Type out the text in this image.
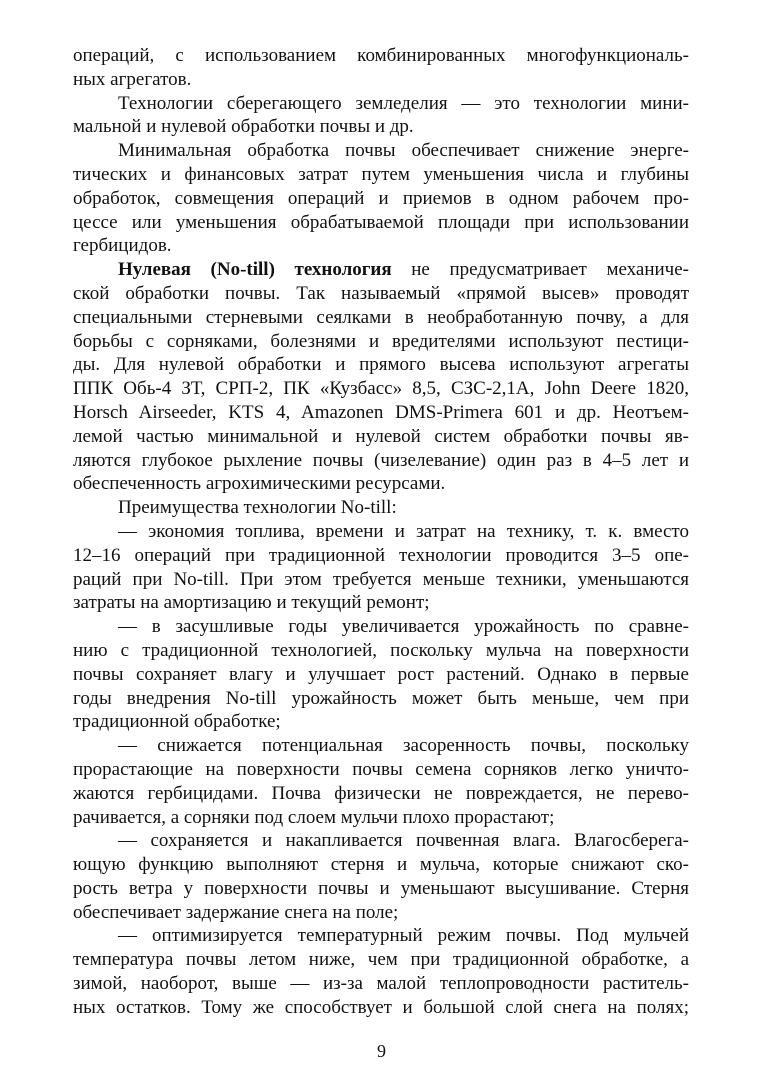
операций, с использованием комбинированных многофункциональ-
ных агрегатов.
Технологии сберегающего земледелия — это технологии мини-
мальной и нулевой обработки почвы и др.
Минимальная обработка почвы обеспечивает снижение энерге-
тических и финансовых затрат путем уменьшения числа и глубины
обработок, совмещения операций и приемов в одном рабочем про-
цессе или уменьшения обрабатываемой площади при использовании
гербицидов.
Нулевая (No-till) технология не предусматривает механиче-
ской обработки почвы. Так называемый «прямой высев» проводят
специальными стерневыми сеялками в необработанную почву, а для
борьбы с сорняками, болезнями и вредителями используют пестици-
ды. Для нулевой обработки и прямого высева используют агрегаты
ППК Обь-4 ЗТ, СРП-2, ПК «Кузбасс» 8,5, СЗС-2,1А, John Deere 1820,
Horsch Airseeder, KTS 4, Amazonen DMS-Primera 601 и др. Неотъем-
лемой частью минимальной и нулевой систем обработки почвы яв-
ляются глубокое рыхление почвы (чизелевание) один раз в 4–5 лет и
обеспеченность агрохимическими ресурсами.
Преимущества технологии No-till:
— экономия топлива, времени и затрат на технику, т. к. вместо
12–16 операций при традиционной технологии проводится 3–5 опе-
раций при No-till. При этом требуется меньше техники, уменьшаются
затраты на амортизацию и текущий ремонт;
— в засушливые годы увеличивается урожайность по сравне-
нию с традиционной технологией, поскольку мульча на поверхности
почвы сохраняет влагу и улучшает рост растений. Однако в первые
годы внедрения No-till урожайность может быть меньше, чем при
традиционной обработке;
— снижается потенциальная засоренность почвы, поскольку
прорастающие на поверхности почвы семена сорняков легко уничто-
жаются гербицидами. Почва физически не повреждается, не перево-
рачивается, а сорняки под слоем мульчи плохо прорастают;
— сохраняется и накапливается почвенная влага. Влагосберега-
ющую функцию выполняют стерня и мульча, которые снижают ско-
рость ветра у поверхности почвы и уменьшают высушивание. Стерня
обеспечивает задержание снега на поле;
— оптимизируется температурный режим почвы. Под мульчей
температура почвы летом ниже, чем при традиционной обработке, а
зимой, наоборот, выше — из-за малой теплопроводности раститель-
ных остатков. Тому же способствует и большой слой снега на полях;
9
